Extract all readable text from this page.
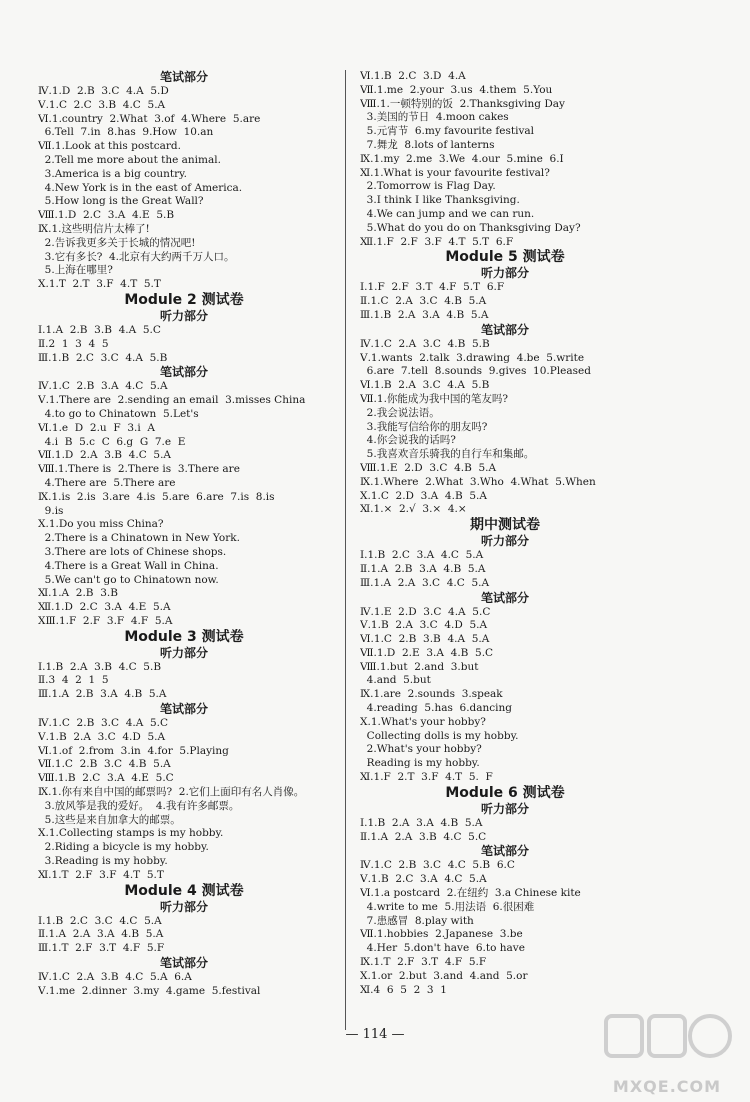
笔试部分
Ⅳ.1.D  2.B  3.C  4.A  5.D
Ⅴ.1.C  2.C  3.B  4.C  5.A
Ⅵ.1.country  2.What  3.of  4.Where  5.are
6.Tell  7.in  8.has  9.How  10.an
Ⅶ.1.Look at this postcard.
2.Tell me more about the animal.
3.America is a big country.
4.New York is in the east of America.
5.How long is the Great Wall?
Ⅷ.1.D  2.C  3.A  4.E  5.B
Ⅸ.1.这些明信片太棒了!
2.告诉我更多关于长城的情况吧!
3.它有多长?  4.北京有大约两千万人口。
5.上海在哪里?
Ⅹ.1.T  2.T  3.F  4.T  5.T
Module 2 测试卷
听力部分
Ⅰ.1.A  2.B  3.B  4.A  5.C
Ⅱ.2  1  3  4  5
Ⅲ.1.B  2.C  3.C  4.A  5.B
笔试部分
Ⅳ.1.C  2.B  3.A  4.C  5.A
Ⅴ.1.There are  2.sending an email  3.misses China
4.to go to Chinatown  5.Let's
Ⅵ.1.e  D  2.u  F  3.i  A
4.i  B  5.c  C  6.g  G  7.e  E
Ⅶ.1.D  2.A  3.B  4.C  5.A
Ⅷ.1.There is  2.There is  3.There are
4.There are  5.There are
Ⅸ.1.is  2.is  3.are  4.is  5.are  6.are  7.is  8.is
9.is
Ⅹ.1.Do you miss China?
2.There is a Chinatown in New York.
3.There are lots of Chinese shops.
4.There is a Great Wall in China.
5.We can't go to Chinatown now.
Ⅺ.1.A  2.B  3.B
Ⅻ.1.D  2.C  3.A  4.E  5.A
ⅩⅢ.1.F  2.F  3.F  4.F  5.A
Module 3 测试卷
听力部分
Ⅰ.1.B  2.A  3.B  4.C  5.B
Ⅱ.3  4  2  1  5
Ⅲ.1.A  2.B  3.A  4.B  5.A
笔试部分
Ⅳ.1.C  2.B  3.C  4.A  5.C
Ⅴ.1.B  2.A  3.C  4.D  5.A
Ⅵ.1.of  2.from  3.in  4.for  5.Playing
Ⅶ.1.C  2.B  3.C  4.B  5.A
Ⅷ.1.B  2.C  3.A  4.E  5.C
Ⅸ.1.你有来自中国的邮票吗?  2.它们上面印有名人肖像。
3.放风筝是我的爱好。  4.我有许多邮票。
5.这些是来自加拿大的邮票。
Ⅹ.1.Collecting stamps is my hobby.
2.Riding a bicycle is my hobby.
3.Reading is my hobby.
Ⅺ.1.T  2.F  3.F  4.T  5.T
Module 4 测试卷
听力部分
Ⅰ.1.B  2.C  3.C  4.C  5.A
Ⅱ.1.A  2.A  3.A  4.B  5.A
Ⅲ.1.T  2.F  3.T  4.F  5.F
笔试部分
Ⅳ.1.C  2.A  3.B  4.C  5.A  6.A
Ⅴ.1.me  2.dinner  3.my  4.game  5.festival
Ⅵ.1.B  2.C  3.D  4.A
Ⅶ.1.me  2.your  3.us  4.them  5.You
Ⅷ.1.一顿特别的饭  2.Thanksgiving Day
3.美国的节日  4.moon cakes
5.元宵节  6.my favourite festival
7.舞龙  8.lots of lanterns
Ⅸ.1.my  2.me  3.We  4.our  5.mine  6.I
Ⅺ.1.What is your favourite festival?
2.Tomorrow is Flag Day.
3.I think I like Thanksgiving.
4.We can jump and we can run.
5.What do you do on Thanksgiving Day?
Ⅻ.1.F  2.F  3.F  4.T  5.T  6.F
Module 5 测试卷
听力部分
Ⅰ.1.F  2.F  3.T  4.F  5.T  6.F
Ⅱ.1.C  2.A  3.C  4.B  5.A
Ⅲ.1.B  2.A  3.A  4.B  5.A
笔试部分
Ⅳ.1.C  2.A  3.C  4.B  5.B
Ⅴ.1.wants  2.talk  3.drawing  4.be  5.write
6.are  7.tell  8.sounds  9.gives  10.Pleased
Ⅵ.1.B  2.A  3.C  4.A  5.B
Ⅶ.1.你能成为我中国的笔友吗?
2.我会说法语。
3.我能写信给你的朋友吗?
4.你会说我的话吗?
5.我喜欢音乐骑我的自行车和集邮。
Ⅷ.1.E  2.D  3.C  4.B  5.A
Ⅸ.1.Where  2.What  3.Who  4.What  5.When
Ⅹ.1.C  2.D  3.A  4.B  5.A
Ⅺ.1.×  2.√  3.×  4.×
期中测试卷
听力部分
Ⅰ.1.B  2.C  3.A  4.C  5.A
Ⅱ.1.A  2.B  3.A  4.B  5.A
Ⅲ.1.A  2.A  3.C  4.C  5.A
笔试部分
Ⅳ.1.E  2.D  3.C  4.A  5.C
Ⅴ.1.B  2.A  3.C  4.D  5.A
Ⅵ.1.C  2.B  3.B  4.A  5.A
Ⅶ.1.D  2.E  3.A  4.B  5.C
Ⅷ.1.but  2.and  3.but
4.and  5.but
Ⅸ.1.are  2.sounds  3.speak
4.reading  5.has  6.dancing
Ⅹ.1.What's your hobby?
Collecting dolls is my hobby.
2.What's your hobby?
Reading is my hobby.
Ⅺ.1.F  2.T  3.F  4.T  5.  F
Module 6 测试卷
听力部分
Ⅰ.1.B  2.A  3.A  4.B  5.A
Ⅱ.1.A  2.A  3.B  4.C  5.C
笔试部分
Ⅳ.1.C  2.B  3.C  4.C  5.B  6.C
Ⅴ.1.B  2.C  3.A  4.C  5.A
Ⅵ.1.a postcard  2.在纽约  3.a Chinese kite
4.write to me  5.用法语  6.很困难
7.患感冒  8.play with
Ⅶ.1.hobbies  2.Japanese  3.be
4.Her  5.don't have  6.to have
Ⅸ.1.T  2.F  3.T  4.F  5.F
Ⅹ.1.or  2.but  3.and  4.and  5.or
Ⅺ.4  6  5  2  3  1
— 114 —
MXQE.COM
